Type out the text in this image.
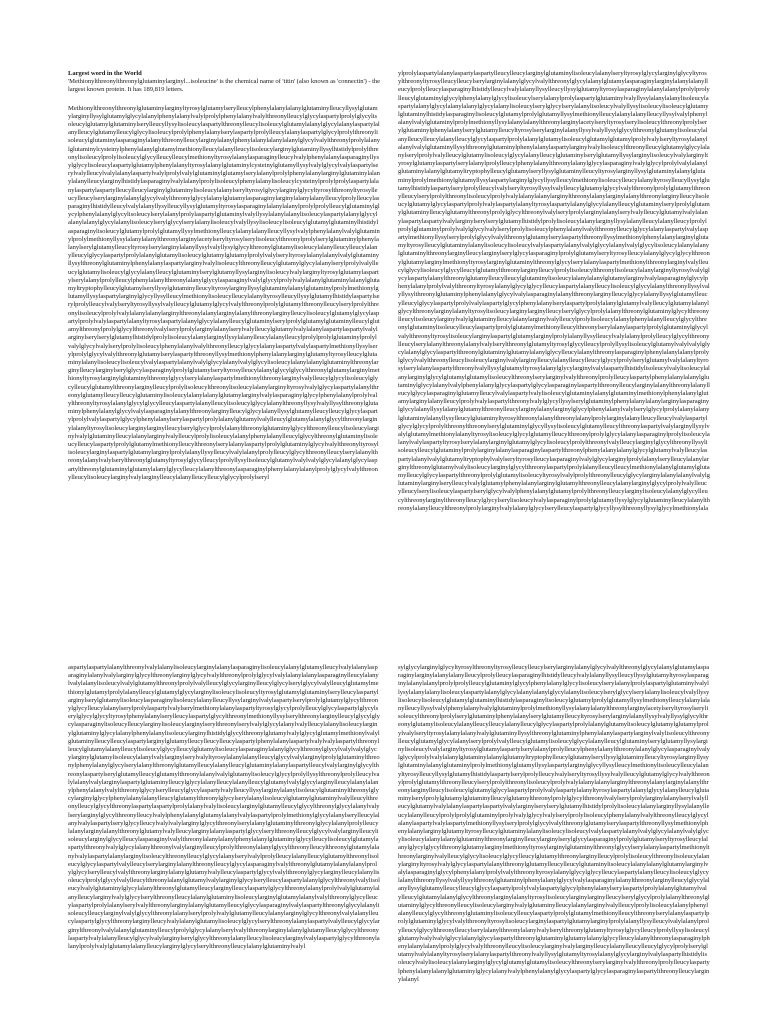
Largest word in the World

'Methionylthreonylthreonylglutaminylarginyl...isoleucine' is the chemical name of 'titin' (also known as 'connectin') - the largest known protein. It has 189,819 letters.

Methionylthreonylthreonylglutaminylarginyltyrosylglutamylserylleucylphenylalanylalanylglutaminylleucyllysylglutamylarginyllysylglutamylglycylalanylphenylalanylvalylprolylphenylalanylvalylthreonylleucylglycylaspartylprolylglycylisoleucylglutamylglutaminylserylleucyllysylisoleucylaspartylthreonylleucylisoleucylglutamylalanylglycylalanylaspartylalanylleucylglutamylleucylglycylisoleucylprolylphenylalanylserylaspartylprolylleucylalanylaspartylglycylprolylthreonylisoleucylglutaminylasparaginylalanylthreonylleucylarginylalanylphenylalanylalanylalanylglycylvalylthreonylprolylalanylglutaminylcysteinylphenylalanylglutamylmethionylleucylalanylleucylisoleucylarginylglutaminyllysylhistidylprolylthreonylisoleucylprolylisoleucylglycylleucylleucylmethionyltyrosylalanylasparaginylleucylvalylphenylalanylasparaginyllysylglycylisoleucylaspartylglutamylphenylalanyltyrosylalanylglutaminylcysteinylglutamyllysylvalylglycylvalylaspartylserylvalylleucylvalylalanylaspartylvalylprolylvalylglutaminylglutamylserylalanylprolylphenylalanylarginylglutaminylalanylalanylleucylarginylhistidylasparaginylvalylalanylprolylisoleucylphenylalanylisoleucylcysteinylprolylprolylaspartylalanylaspartylaspartylleucylleucylarginylglutaminylisoleucylalanylseryltyrosylglycylarginylglycyltyrosylthreonyltyrosylleucylleucylserylarginylalanylglycylvalylthreonylglycylalanylglutamylasparaginylarginylalanylalanylleucylprolylleucylasparaginylhistidylleucylvalylalanyllysylleucyllysylglutamyltyrosylasparaginylalanylalanylprolylprolylleucylglutaminylglycylphenylalanylglycylisoleucylserylalanylprolylaspartylglutaminylvalyllysylalanylalanylisoleucylaspartylalanylglycylalanylalanylglycylalanylisoleucylserylglycylserylalanylisoleucylvalyllysylisoleucylisoleucylglutamylglutaminylhistidylasparaginylisoleucylglutamylprolylglutamyllysylmethionylleucylalanylalanylleucyllysylvalylphenylalanylvalylglutaminylprolylmethionyllysylalanylalanylthreonylarginylacetylseryltyrosylserylisoleucylthreonylprolylserylglutaminylphenylalanylserylglutamylleucyltyrosylserylarginylalanyllysylvalyllysylglycylthreonylglutamylisoleucylalanylleucylleucylalanylleucylglycylaspartylprolylalanylglutamylisoleucylglutamylglutamylprolylvalylseryltyrosylalanylalanylvalylglutaminyllysylthreonylglutaminylphenylalanylaspartylarginylvalylisoleucylthreonylleucylglutamylglycylalanylserylprolylvalylleucylglutamylisoleucylglycylalanylleucylglutaminylserylglutamyllysylarginylisoleucylvalylarginyltyrosylglutamylaspartylserylalanylprolylleucylphenylalanylthreonylalanylglycylasparaginylvalylglycylprolylvalylalanylglutaminylalanylglutamyltryptophylleucylglutamylseryllysylglutaminylleucyltyrosylarginyllysylglutaminylalanylglutaminylprolylmethionylglutamyllysylaspartylarginylglycyllysylleucylmethionylisoleucylleucylalanyltyrosylleucyllysylglutamylhistidylaspartylserylprolylleucylvalylseryltyrosyllysylvalylleucylglutamylglycylvalylthreonylprolylglutamylthreonylleucylserylprolylthreonylisoleucylprolylvalylalanylalanylarginylthreonylalanylarginylalanylthreonylarginylleucylisoleucylglutamylglycylaspartylprolylvalylaspartylalanyltyrosylaspartylalanylglycylalanylleucylglutaminylserylprolylglutamylglutaminylleucylglutamylthreonylprolylglycylthreonylvalylserylprolylarginylalanylserylvalylleucylglutamylvalylalanylaspartylaspartylvalylarginylserylserylglutamylhistidylprolylisoleucylalanylarginyllysylalanylleucylalanylleucylprolylprolylglutaminylprolylvalylglycylvalylserylprolylisoleucylphenylalanylvalylthreonylleucylglycylalanylaspartylvalylaspartylmethionyllysylserylprolylglycylvalylthreonylglutamylserylaspartylthreonyllysylmethionylphenylalanylarginylglutamyltyrosylleucylglutaminylalanylisoleucylisoleucylvalylaspartylalanylvalylglycylalanylvalylglycylisoleucylalanylalanylglutaminylthreonylarginylleucylarginylserylglycylasparaginylprolylglutamylseryltyrosylleucylalanylglycylglycylthreonylglutamylarginylmethionyltyrosylarginylglutaminylthreonylglycylserylalanylaspartylmethionylthreonylarginylvalylleucylglycylisoleucylglycylleucylglutamylthreonylarginylleucylprolylisoleucylthreonylisoleucylalanylarginyltyrosylvalylglycylaspartylalanylthreonylglutamylleucylleucylglutaminylisoleucylalanylalanylglutamylarginylvalylasparaginylglycylphenylalanylprolylvalylthreonyltyrosylalanylglycylglycylleucylaspartylalanylleucylisoleucylglycylalanylthreonyllysylvalyllysylthreonylglutaminylphenylalanylglycylvalylasparaginylalanylthreonylarginylleucylglycylalanyllysylglutamylleucylleucylglycylaspartylprolylvalylaspartylglycylphenylalanylserylaspartylprolylalanylglutamylvalylleucylglutamylalanylglycylthreonylarginylalanyltyrosylisoleucylarginylarginylleucylserylglycylprolylalanylthreonylglutaminylglycylthreonylleucylisoleucylarginylvalylglutaminylleucylalanylarginylvalylleucylprolylisoleucylalanylphenylalanylleucylglycylthreonylglutaminylisoleucylleucylaspartylprolylglutamylmethionylleucylthreonylserylalanylaspartylprolylglutaminylglycylvalylthreonyltyrosylisoleucylarginylaspartylglutamylarginylprolylalanyllysylleucylvalylalanylprolylleucylglycylthreonylleucylserylalanylthreonylalanylvalylserylthreonylglutamyltyrosylglycylleucylprolyllysylisoleucylglutamylvalylvalylglycylalanylglycylaspartylthreonylglutaminylglutamylalanylglycylleucylalanylthreonylasparaginylphenylalanylalanylprolylglycylvalylthreonylleucylisoleucylarginylvalylarginylleucylalanylleucylleucylglycylprolylseryl

ylprolylaspartylalanylaspartylaspartylleucylleucylarginylglutaminylisoleucylalanylseryltyrosylglycylarginylglycyltyrosylthreonyltyrosylleucylleucylserylarginylalanylglycylvalylthreonylglycylalanylglutamylasparaginylarginylalanylalanylleucylprolylleucylasparaginylhistidylleucylvalylalanyllysylleucyllysylglutamyltyrosylasparaginylalanylalanylprolylprolylleucylglutaminylglycylphenylalanylglycylisoleucylserylalanylprolylaspartylglutaminylvalyllysylalanylalanylisoleucylaspartylalanylglycylalanylalanylglycylalanylisoleucylserylglycylserylalanylisoleucylvalyllysylisoleucylisoleucylglutamylglutaminylhistidylasparaginylisoleucylglutamylprolylglutamyllysylmethionylleucylalanylalanylleucyllysylvalylphenylalanylvalylglutaminylprolylmethionyllysylalanylalanylthreonylarginylacetylseryltyrosylserylisoleucylthreonylprolylserylglutaminylphenylalanylserylglutamylleucyltyrosylserylarginylalanyllysylvalyllysylglycylthreonylglutamylisoleucylalanylleucylleucylalanylleucylglycylaspartylprolylalanylglutamylisoleucylglutamylglutamylprolylvalylseryltyrosylalanylalanylvalylglutaminyllysylthreonylglutaminylphenylalanylaspartylarginylvalylisoleucylthreonylleucylglutamylglycylalanylserylprolylvalylleucylglutamylisoleucylglycylalanylleucylglutaminylserylglutamyllysylarginylisoleucylvalylarginyltyrosylglutamylaspartylserylalanylprolylleucylphenylalanylthreonylalanylglycylasparaginylvalylglycylprolylvalylalanylglutaminylalanylglutamyltryptophylleucylglutamylseryllysylglutaminylleucyltyrosylarginyllysylglutaminylalanylglutaminylprolylmethionylglutamyllysylaspartylarginylglycyllysylleucylmethionylisoleucylleucylalanyltyrosylleucyllysylglutamylhistidylaspartylserylprolylleucylvalylseryltyrosyllysylvalylleucylglutamylglycylvalylthreonylprolylglutamylthreonylleucylserylprolylthreonylisoleucylprolylvalylalanylalanylarginylthreonylalanylarginylalanylthreonylarginylleucylisoleucylglutamylglycylaspartylprolylvalylaspartylalanyltyrosylaspartylalanylglycylalanylleucylglutaminylserylprolylglutamylglutaminylleucylglutamylthreonylprolylglycylthreonylvalylserylprolylarginylalanylserylvalylleucylglutamylvalylalanylaspartylaspartylvalylarginylserylserylglutamylhistidylprolylisoleucylalanylarginyllysylalanylleucylalanylleucylprolylprolylglutaminylprolylvalylglycylvalylserylprolylisoleucylphenylalanylvalylthreonylleucylglycylalanylaspartylvalylaspartylmethionyllysylserylprolylglycylvalylthreonylglutamylserylaspartylthreonyllysylmethionylphenylalanylarginylglutamyltyrosylleucylglutaminylalanylisoleucylisoleucylvalylaspartylalanylvalylglycylalanylvalylglycylisoleucylalanylalanylglutaminylthreonylarginylleucylarginylserylglycylasparaginylprolylglutamylseryltyrosylleucylalanylglycylglycylthreonylglutamylarginylmethionyltyrosylarginylglutaminylthreonylglycylserylalanylaspartylmethionylthreonylarginylvalylleucylglycylisoleucylglycylleucylglutamylthreonylarginylleucylprolylisoleucylthreonylisoleucylalanylarginyltyrosylvalylglycylaspartylalanylthreonylglutamylleucylleucylglutaminylisoleucylalanylalanylglutamylarginylvalylasparaginylglycylphenylalanylprolylvalylthreonyltyrosylalanylglycylglycylleucylaspartylalanylleucylisoleucylglycylalanylthreonyllysylvalyllysylthreonylglutaminylphenylalanylglycylvalylasparaginylalanylthreonylarginylleucylglycylalanyllysylglutamylleucylleucylglycylaspartylprolylvalylaspartylglycylphenylalanylserylaspartylprolylalanylglutamylvalylleucylglutamylalanylglycylthreonylarginylalanyltyrosylisoleucylarginylarginylleucylserylglycylprolylalanylthreonylglutaminylglycylthreonylleucylisoleucylarginylvalylglutaminylleucylalanylarginylvalylleucylprolylisoleucylalanylphenylalanylleucylglycylthreonylglutaminylisoleucylleucylaspartylprolylglutamylmethionylleucylthreonylserylalanylaspartylprolylglutaminylglycylvalylthreonyltyrosylisoleucylarginylaspartylglutamylarginylprolylalanyllysylleucylvalylalanylprolylleucylglycylthreonylleucylserylalanylthreonylalanylvalylserylthreonylglutamyltyrosylglycylleucylprolyllysylisoleucylglutamylvalylvalylglycylalanylglycylaspartylthreonylglutaminylglutamylalanylglycylleucylalanylthreonylasparaginylphenylalanylalanylprolylglycylvalylthreonylleucylisoleucylarginylvalylarginylleucylalanylleucylleucylglycylprolylserylglutamylvalylalanyltyrosylserylalanylaspartylthreonylvalyllysylglutamyltyrosylalanylglycylarginylvalylaspartylhistidylisoleucylvalylisoleucylalanylarginylglycylglutamylglutamylisoleucylthreonylserylarginylvalylthreonylprolylleucylaspartylphenylalanylalanylglutaminylglycylalanylvalylphenylalanylglycylaspartylglycylasparaginylaspartylthreonylleucylarginylalanylthreonylalanylleucylglycylasparaginylglutamylleucylvalylaspartylvalylisoleucylglutaminylalanylglutaminylmethionylphenylalanylglutamylarginylalanylleucylprolylvalylaspartylthreonylvalylglycyllysylserylglutaminylphenylalanylalanylarginylasparaginylglycylalanyllysylalanylglutamylthreonylleucylarginylalanylarginylglycylphenylalanylvalylserylglycylprolylalanylalanylglutaminylalanyllysylleucylglutaminyltyrosylthreonylalanylthreonylalanylprolylarginylalanylleucylleucylvalylaspartylglycylglycylprolylthreonylthreonylserylglutaminylglycyllysylisoleucylglutamylleucylthreonylaspartylvalylarginyllysylvalylglutamylmethionylalanyltyrosylisoleucylglycylglutamylleucylthreonylprolylglycylalanylasparaginylprolylisoleucylalanylvalylaspartyltyrosylserylalanylarginylglutamylglycylisoleucylprolylthreonylvalylleucylarginylglycylthreonyllysylisoleucylleucylglutaminylprolylarginylalanylasparaginylaspartylthreonylphenylalanylalanylglycylglutamylvalylleucylaspartylalanylvalylglutamyltryptophylvalylseryltyrosylleucylasparaginylvalylglycylarginylprolylalanylserylleucylalanylarginylthreonylglutamylvalylisoleucylarginylglycylthreonylaspartylprolylalanylleucylleucylmethionylalanylglutamylglutamylleucylglycylaspartylthreonylprolylglutamylisoleucyltyrosylvalylprolylthreonylleucylglycylarginylalanylalanylvalylglutaminylarginylserylleucylvalylglutamylphenylalanylarginylglutamylthreonylleucylalanylarginylglycylprolylvalylleucylleucylserylisoleucylaspartylserylglycylvalylphenylalanylglutamylprolylthreonylleucylarginylisoleucylalanylglycylleucylthreonylarginylthreonylleucylglycylserylisoleucylvalylasparaginylprolylglutamyllysylglycylglutaminylleucylalanylthreonylalanylleucylthreonylprolylarginylvalylalanylglycylserylleucylaspartylglycyllysylthreonyllysylglycylmethionylala

aspartylaspartylalanylthreonylvalylalanylisoleucylarginylalanylasparaginylisoleucylalanylglutamylleucylvalylalanylasparaginylalanylvalylarginylglycylthreonylarginylglycylvalylthreonylprolylglycylvalylalanylalanylasparaginylleucylalanylvalylalanylisoleucylvalylglutamylthreonylprolylvalylleucylglycylarginylleucylglycylserylglycylvalylleucylglutamylmethionylglutamylprolylalanylleucylglutamylglycylarginylisoleucylisoleucyltyrosylglutamylglutaminylserylleucylaspartylarginylserylglutamylisoleucylasparaginylisoleucylalanylleucyllysylarginylvalylaspartylserylprolylglutamylglycylthreonylglycylleucylalanylserylprolylaspartylvalylserylmethionylalanylaspartyltyrosylglycylprolylleucylglycylaspartylglycylserylglycylglycyltyrosylphenylalanylserylleucylaspartylglycylthreonylmethionyllysylserylthreonylarginylleucylglycylglycylasparaginylisoleucylleucylarginylisoleucylarginylserylthreonylserylvalylglycylalanylvalylleucylalanylisoleucylarginylglutaminylglycylalanylphenylalanylisoleucylarginylhistidylglycylthreonylglutamylvalylglycylglutamylmethionylvalylglutaminylleucylleucylaspartylarginylglutamylleucylleucylleucylaspartylphenylalanylaspartylvalylvalylaspartylthreonylleucylglutamylalanylleucylisoleucylglycylleucylglutamylisoleucylasparaginylalanylglycylthreonylglycylvalylvalylglycylarginylglutamylisoleucylalanylvalylarginylserylvalyltyrosylalanylalanylleucylglycylvalylarginylprolylglutaminylthreonylphenylalanylglycylserylalanylthreonylglutamylleucylalanylleucylglutaminylalanylaspartylleucylvalylarginylglycylthreonylaspartylserylglutamylleucylglutamylthreonylalanylvalylglutamylisoleucylglycylprolyllysylthreonylprolylleucylvalylalanylvalylarginylaspartylglutaminylleucylglycylalanylleucylalanylleucylglutamylvalylglycylarginylleucylalanylalanylphenylalanylvalylthreonylglycylserylleucylglycylaspartylvalylleucyllysylarginylalanylisoleucylglutaminylthreonylglycylarginylglycylphenylalanylalanylleucylglutamylthreonylglycylserylalanylisoleucylglutamylglutaminylvalylleucylthreonylleucylglycylthreonylaspartylaspartylprolylalanylvalylisoleucylarginylglutamylleucylglycylthreonylglycylalanylvalylserylarginylglycylthreonylleucylvalylphenylalanylglutamylalanylvalylaspartylprolylmethionylglycylalanylserylleucylalanylvalylaspartylserylglycylleucylvalylvalylarginylglycylthreonylserylalanylglutaminylthreonylglycylalanylprolylleucylalanylarginylalanylthreonylglutamylvalylleucylarginylalanylaspartylglycylserylthreonylleucylglycylvalylarginylleucylisoleucylarginylglycylleucylasparaginylvalylthreonylalanylalanylphenylalanylglutaminylglycylleucylisoleucylglutamylaspartylthreonylvalylglycylalanylthreonylvalylarginylleucylprolylthreonylalanylglycylthreonylleucylthreonylglutamylalanylvalylaspartylalanylarginylisoleucylthreonylleucylglycylalanylserylvalylprolylleucylalanylleucylglutamylthreonylisoleucylglycylaspartylvalylleucylserylarginylalanylthreonylleucylglycylasparaginylvalylthreonylglutamylalanylalanylprolylglycylserylleucylvalylthreonylarginylalanylglutamylvalylleucylaspartylglycylvalylthreonylglycylarginylleucylalanylisoleucylprolylglycylvalylleucylthreonylalanylglutamylvalylarginylglycylserylleucylaspartylalanylglycylthreonylvalylisoleucylvalylglutaminylglycylalanylthreonylglutamylleucylarginylleucylaspartylglycylthreonylalanylprolylvalylglutamylalanylleucylarginylvalylglycylserylthreonylleucylalanylglutaminylisoleucylarginylglutamylalanylvalylthreonylglycylleucylaspartylprolylalanylserylvalylthreonylarginylalanylglutamylleucylglycylasparaginylvalylaspartylthreonylglycylalanylisoleucylleucylarginylvalylglycylthreonylalanylserylprolylvalylglutamylleucylalanylarginylglycylthreonylvalylalanylleucylaspartylglycylthreonylarginylleucylvalylalanylglutamylisoleucylglycylserylthreonylalanylaspartylvalylleucylglycylarginylthreonylvalylalanylglutaminylleucylprolylglycylalanylserylvalylthreonylarginylalanylglutamylleucylglycylthreonylaspartylvalylalanylleucylglycylvalylarginylserylglycylthreonylalanylleucylisoleucylarginylvalylaspartylglycylthreonylalanylprolylvalylglutamylalanylleucylarginylglycylserylthreonylleucylalanylglutaminylvalyl

sylglycylarginylglycyltyrosylthreonyltyrosylleucylleucylserylarginylalanylglycylvalylthreonylglycylalanylglutamylasparaginylarginylalanylalanylleucylprolylleucylasparaginylhistidylleucylvalylalanyllysylleucyllysylglutamyltyrosylasparaginylalanylalanylprolylprolylleucylglutaminylglycylphenylalanylglycylisoleucylserylalanylprolylaspartylglutaminylvalyllysylalanylalanylisoleucylaspartylalanylglycylalanylalanylglycylalanylisoleucylserylglycylserylalanylisoleucylvalyllysylisoleucylisoleucylglutamylglutaminylhistidylasparaginylisoleucylglutamylprolylglutamyllysylmethionylleucylalanylalanylleucyllysylvalylphenylalanylvalylglutaminylprolylmethionyllysylalanylalanylthreonylarginylacetylseryltyrosylserylisoleucylthreonylprolylserylglutaminylphenylalanylserylglutamylleucyltyrosylserylarginylalanyllysylvalyllysylglycylthreonylglutamylisoleucylalanylleucylleucylalanylleucylglycylaspartylprolylalanylglutamylisoleucylglutamylglutamylprolylvalylseryltyrosylalanylalanylvalylglutaminyllysylthreonylglutaminylphenylalanylaspartylarginylvalylisoleucylthreonylleucylglutamylglycylalanylserylprolylvalylleucylglutamylisoleucylglycylalanylleucylglutaminylserylglutamyllysylarginylisoleucylvalylarginyltyrosylglutamylaspartylserylalanylprolylleucylphenylalanylthreonylalanylglycylasparaginylvalylglycylprolylvalylalanylglutaminylalanylglutamyltryptophylleucylglutamylseryllysylglutaminylleucyltyrosylarginyllysylglutaminylalanylglutaminylprolylmethionylglutamyllysylaspartylarginylglycyllysylleucylmethionylisoleucylleucylalanyltyrosylleucyllysylglutamylhistidylaspartylserylprolylleucylvalylseryltyrosyllysylvalylleucylglutamylglycylvalylthreonylprolylglutamylthreonylleucylserylprolylthreonylisoleucylprolylvalylalanylalanylarginylthreonylalanylarginylalanylthreonylarginylleucylisoleucylglutamylglycylaspartylprolylvalylaspartylalanyltyrosylaspartylalanylglycylalanylleucylglutaminylserylprolylglutamylglutaminylleucylglutamylthreonylprolylglycylthreonylvalylserylprolylarginylalanylserylvalylleucylglutamylvalylalanylaspartylaspartylvalylarginylserylserylglutamylhistidylprolylisoleucylalanylarginyllysylalanylleucylalanylleucylprolylprolylglutaminylprolylvalylglycylvalylserylprolylisoleucylphenylalanylvalylthreonylleucylglycylalanylaspartylvalylaspartylmethionyllysylserylprolylglycylvalylthreonylglutamylserylaspartylthreonyllysylmethionylphenylalanylarginylglutamyltyrosylleucylglutaminylalanylisoleucylisoleucylvalylaspartylalanylvalylglycylalanylvalylglycylisoleucylalanylalanylglutaminylthreonylarginylleucylarginylserylglycylasparaginylprolylglutamylseryltyrosylleucylalanylglycylglycylthreonylglutamylarginylmethionyltyrosylarginylglutaminylthreonylglycylserylalanylaspartylmethionylthreonylarginylvalylleucylglycylisoleucylglycylleucylglutamylthreonylarginylleucylprolylisoleucylthreonylisoleucylalanylarginyltyrosylvalylglycylaspartylalanylthreonylglutamylleucylleucylglutaminylisoleucylalanylalanylglutamylarginylvalylasparaginylglycylphenylalanylprolylvalylthreonyltyrosylalanylglycylglycylleucylaspartylalanylleucylisoleucylglycylalanylthreonyllysylvalyllysylthreonylglutaminylphenylalanylglycylvalylasparaginylalanylthreonylarginylleucylglycylalanyllysylglutamylleucylleucylglycylaspartylprolylvalylaspartylglycylphenylalanylserylaspartylprolylalanylglutamylvalylleucylglutamylalanylglycylthreonylarginylalanyltyrosylisoleucylarginylarginylleucylserylglycylprolylalanylthreonylglutaminylglycylthreonylleucylisoleucylarginylvalylglutaminylleucylalanylarginylvalylleucylprolylisoleucylalanylphenylalanylleucylglycylthreonylglutaminylisoleucylleucylaspartylprolylglutamylmethionylleucylthreonylserylalanylaspartylprolylglutaminylglycylvalylthreonyltyrosylisoleucylarginylaspartylglutamylarginylprolylalanyllysylleucylvalylalanylprolylleucylglycylthreonylleucylserylalanylthreonylalanylvalylserylthreonylglutamyltyrosylglycylleucylprolyllysylisoleucylglutamylvalylvalylglycylalanylglycylaspartylthreonylglutaminylglutamylalanylglycylleucylalanylthreonylasparaginylphenylalanylalanylprolylglycylvalylthreonylleucylisoleucylarginylvalylarginylleucylalanylleucylleucylglycylprolylserylglutamylvalylalanyltyrosylserylalanylaspartylthreonylvalyllysylglutamyltyrosylalanylglycylarginylvalylaspartylhistidylisoleucylvalylisoleucylalanylarginylglycylglutamylglutamylisoleucylthreonylserylarginylvalylthreonylprolylleucylaspartylphenylalanylalanylglutaminylglycylalanylvalylphenylalanylglycylaspartylglycylasparaginylaspartylthreonylleucylarginylalanyl
